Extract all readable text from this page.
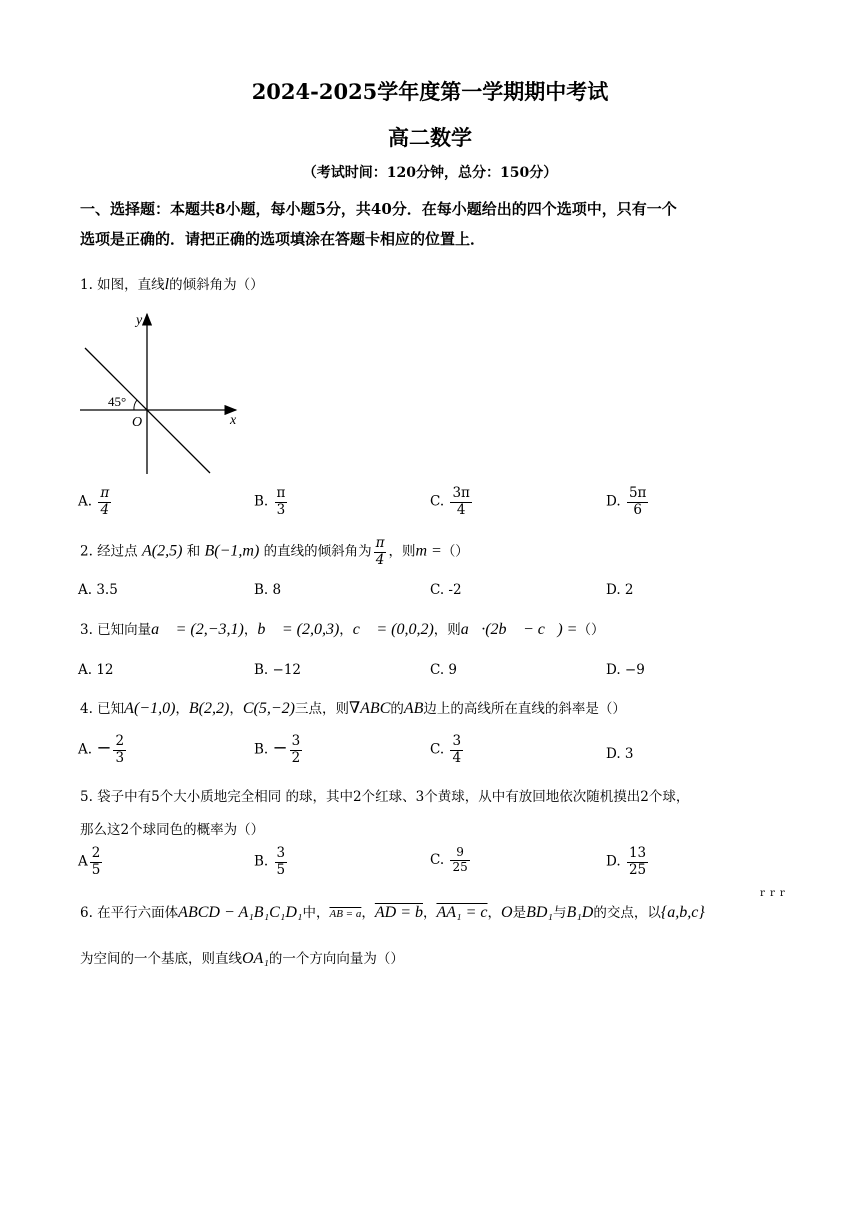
2024-2025学年度第一学期期中考试
高二数学
（考试时间：120分钟，总分：150分）
一、选择题：本题共8小题，每小题5分，共40分．在每小题给出的四个选项中，只有一个
选项是正确的．请把正确的选项填涂在答题卡相应的位置上．
1. 如图，直线l的倾斜角为（）
x
y
O
45°
A. $\frac{\pi}{4}$	B. $\frac{\pi}{3}$	C. $\frac{3\pi}{4}$	D. $\frac{5\pi}{6}$
2. 经过点 A(2,5) 和 B(−1,m) 的直线的倾斜角为 $\frac{\pi}{4}$ ，则m =（）
A. 3.5	B. 8	C. -2	D. 2
3. 已知向量a⃗ = (2,−3,1)，b⃗ = (2,0,3)，c⃗ = (0,0,2)，则a⃗·(2b⃗ − c⃗) =（）
A. 12	B. −12	C. 9	D. −9
4. 已知A(−1,0)，B(2,2)，C(5,−2)三点，则∇ABC的AB边上的高线所在直线的斜率是（）
A. − $\frac{2}{3}$	B. − $\frac{3}{2}$	C. $\frac{3}{4}$	D. 3
5. 袋子中有5个大小质地完全相同 的球，其中2个红球、3个黄球，从中有放回地依次随机摸出2个球，
那么这2个球同色的概率为（）
A $\frac{2}{5}$	B. $\frac{3}{5}$	C. $\frac{9}{25}$	D. $\frac{13}{25}$
r r r
6. 在平行六面体ABCD − A₁B₁C₁D₁中，AB = a，AD = b，AA₁ = c，O是BD₁与B₁D的交点，以{a,b,c}
为空间的一个基底，则直线OA₁的一个方向向量为（）
